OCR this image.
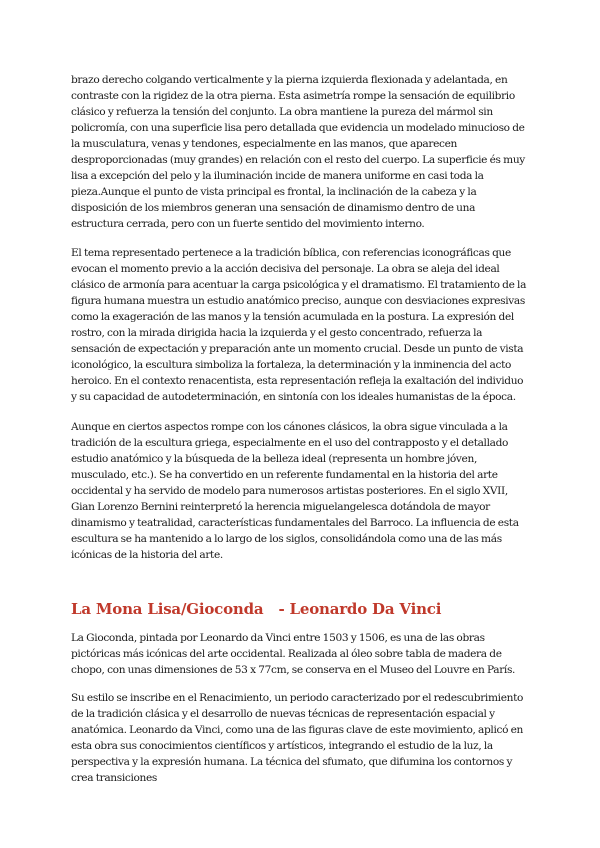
brazo derecho colgando verticalmente y la pierna izquierda flexionada y adelantada, en contraste con la rigidez de la otra pierna. Esta asimetría rompe la sensación de equilibrio clásico y refuerza la tensión del conjunto. La obra mantiene la pureza del mármol sin policromía, con una superficie lisa pero detallada que evidencia un modelado minucioso de la musculatura, venas y tendones, especialmente en las manos, que aparecen desproporcionadas (muy grandes) en relación con el resto del cuerpo. La superficie és muy lisa a excepción del pelo y la iluminación incide de manera uniforme en casi toda la pieza.Aunque el punto de vista principal es frontal, la inclinación de la cabeza y la disposición de los miembros generan una sensación de dinamismo dentro de una estructura cerrada, pero con un fuerte sentido del movimiento interno.

El tema representado pertenece a la tradición bíblica, con referencias iconográficas que evocan el momento previo a la acción decisiva del personaje. La obra se aleja del ideal clásico de armonía para acentuar la carga psicológica y el dramatismo. El tratamiento de la figura humana muestra un estudio anatómico preciso, aunque con desviaciones expresivas como la exageración de las manos y la tensión acumulada en la postura. La expresión del rostro, con la mirada dirigida hacia la izquierda y el gesto concentrado, refuerza la sensación de expectación y preparación ante un momento crucial. Desde un punto de vista iconológico, la escultura simboliza la fortaleza, la determinación y la inminencia del acto heroico. En el contexto renacentista, esta representación refleja la exaltación del individuo y su capacidad de autodeterminación, en sintonía con los ideales humanistas de la época.

Aunque en ciertos aspectos rompe con los cánones clásicos, la obra sigue vinculada a la tradición de la escultura griega, especialmente en el uso del contrapposto y el detallado estudio anatómico y la búsqueda de la belleza ideal (representa un hombre jóven, musculado, etc.). Se ha convertido en un referente fundamental en la historia del arte occidental y ha servido de modelo para numerosos artistas posteriores. En el siglo XVII, Gian Lorenzo Bernini reinterpretó la herencia miguelangelesca dotándola de mayor dinamismo y teatralidad, características fundamentales del Barroco. La influencia de esta escultura se ha mantenido a lo largo de los siglos, consolidándola como una de las más icónicas de la historia del arte.

La Mona Lisa/Gioconda   - Leonardo Da Vinci

La Gioconda, pintada por Leonardo da Vinci entre 1503 y 1506, es una de las obras pictóricas más icónicas del arte occidental. Realizada al óleo sobre tabla de madera de chopo, con unas dimensiones de 53 x 77cm, se conserva en el Museo del Louvre en París.

Su estilo se inscribe en el Renacimiento, un periodo caracterizado por el redescubrimiento de la tradición clásica y el desarrollo de nuevas técnicas de representación espacial y anatómica. Leonardo da Vinci, como una de las figuras clave de este movimiento, aplicó en esta obra sus conocimientos científicos y artísticos, integrando el estudio de la luz, la perspectiva y la expresión humana. La técnica del sfumato, que difumina los contornos y crea transiciones
